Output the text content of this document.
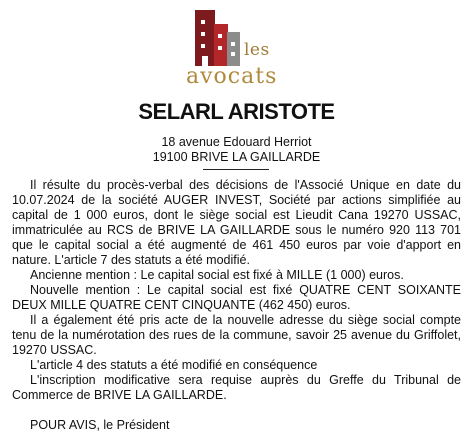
les
avocats
SELARL ARISTOTE
18 avenue Edouard Herriot
19100 BRIVE LA GAILLARDE

Il résulte du procès-verbal des décisions de l'Associé Unique en date du 10.07.2024 de la société AUGER INVEST, Société par actions simplifiée au capital de 1 000 euros, dont le siège social est Lieudit Cana 19270 USSAC, immatriculée au RCS de BRIVE LA GAILLARDE sous le numéro 920 113 701 que le capital social a été augmenté de 461 450 euros par voie d'apport en nature. L'article 7 des statuts a été modifié.

Ancienne mention : Le capital social est fixé à MILLE (1 000) euros.

Nouvelle mention : Le capital social est fixé QUATRE CENT SOIXANTE DEUX MILLE QUATRE CENT CINQUANTE (462 450) euros.

Il a également été pris acte de la nouvelle adresse du siège social compte tenu de la numérotation des rues de la commune, savoir 25 avenue du Griffolet, 19270 USSAC.

L'article 4 des statuts a été modifié en conséquence

L'inscription modificative sera requise auprès du Greffe du Tribunal de Commerce de BRIVE LA GAILLARDE.

POUR AVIS, le Président
